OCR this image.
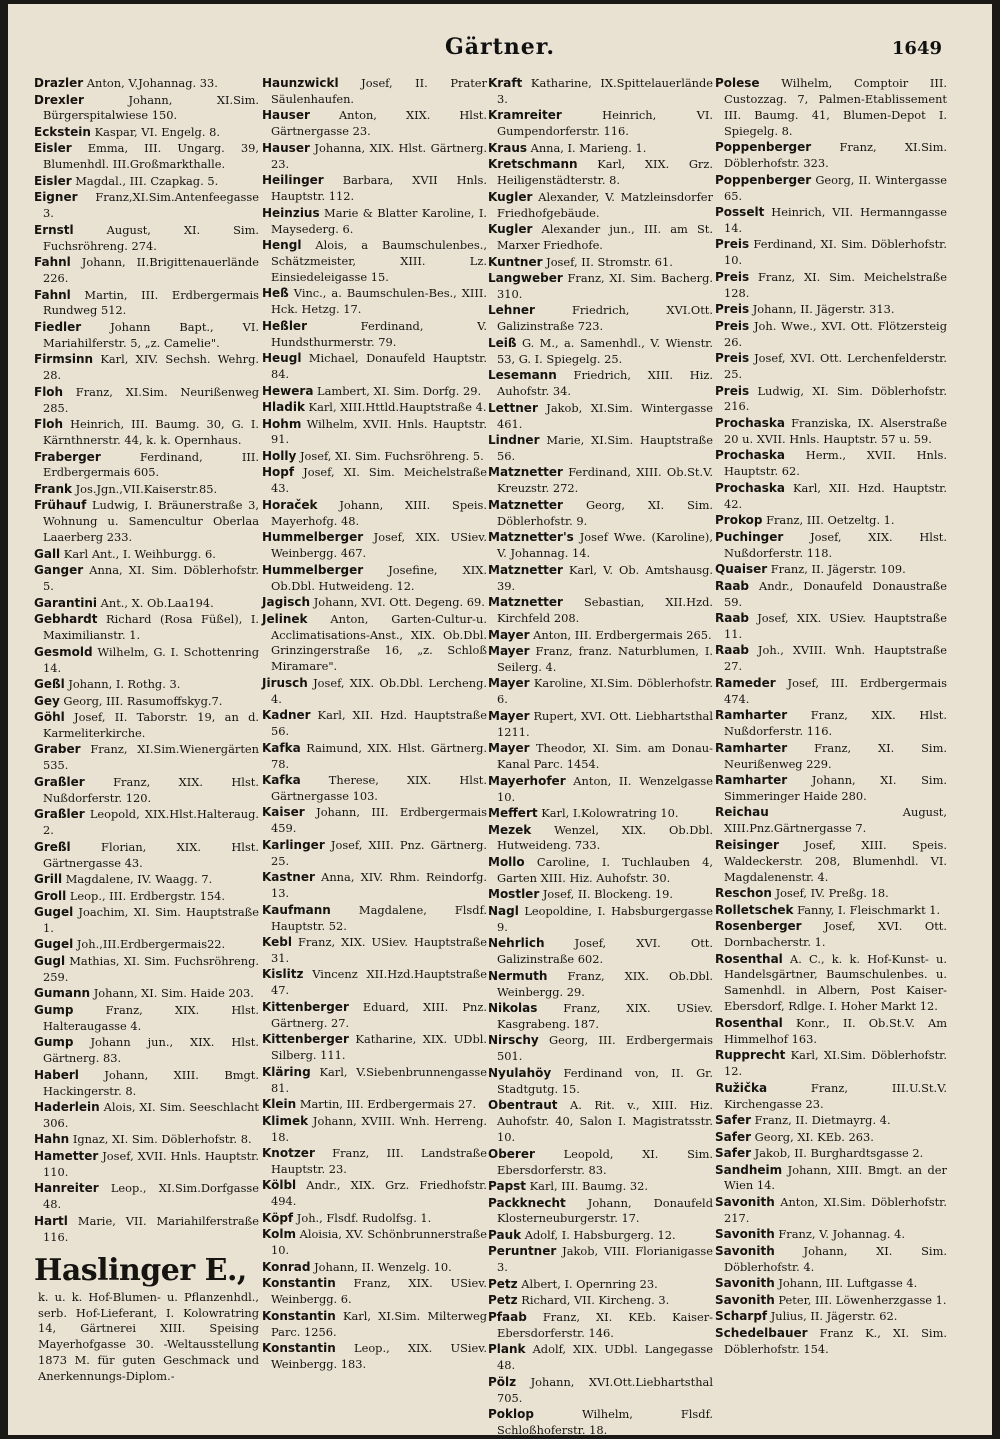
Gärtner.	1649
Drazler Anton, V.Johannag. 33.
Drexler Johann, XI.Sim. Bürgerspitalwiese 150.
Eckstein Kaspar, VI. Engelg. 8.
Eisler Emma, III. Ungarg. 39, Blumenhdl. III.Großmarkthalle.
Eisler Magdal., III. Czapkag. 5.
Eigner Franz,XI.Sim.Antenfeegasse 3.
Ernstl August, XI. Sim. Fuchsröhreng. 274.
Fahnl Johann, II.Brigittenauerlände 226.
Fahnl Martin, III. Erdbergermais Rundweg 512.
Fiedler Johann Bapt., VI. Mariahilferstr. 5, „z. Camelie".
Firmsinn Karl, XIV. Sechsh. Wehrg. 28.
Floh Franz, XI.Sim. Neurißenweg 285.
Floh Heinrich, III. Baumg. 30, G. I. Kärnthnerstr. 44, k. k. Opernhaus.
Fraberger Ferdinand, III. Erdbergermais 605.
Frank Jos.Jgn.,VII.Kaiserstr.85.
Frühauf Ludwig, I. Bräunerstraße 3, Wohnung u. Samencultur Oberlaa Laaerberg 233.
Gall Karl Ant., I. Weihburgg. 6.
Ganger Anna, XI. Sim. Döblerhofstr. 5.
Garantini Ant., X. Ob.Laa194.
Gebhardt Richard (Rosa Füßel), I. Maximilianstr. 1.
Gesmold Wilhelm, G. I. Schottenring 14.
Geßl Johann, I. Rothg. 3.
Gey Georg, III. Rasumoffskyg.7.
Göhl Josef, II. Taborstr. 19, an d. Karmeliterkirche.
Graber Franz, XI.Sim.Wienergärten 535.
Graßler Franz, XIX. Hlst. Nußdorferstr. 120.
Graßler Leopold, XIX.Hlst.Halteraug. 2.
Greßl Florian, XIX. Hlst. Gärtnergasse 43.
Grill Magdalene, IV. Waagg. 7.
Groll Leop., III. Erdbergstr. 154.
Gugel Joachim, XI. Sim. Hauptstraße 1.
Gugel Joh.,III.Erdbergermais22.
Gugl Mathias, XI. Sim. Fuchsröhreng. 259.
Gumann Johann, XI. Sim. Haide 203.
Gump Franz, XIX. Hlst. Halteraugasse 4.
Gump Johann jun., XIX. Hlst. Gärtnerg. 83.
Haberl Johann, XIII. Bmgt. Hackingerstr. 8.
Haderlein Alois, XI. Sim. Seeschlacht 306.
Hahn Ignaz, XI. Sim. Döblerhofstr. 8.
Hametter Josef, XVII. Hnls. Hauptstr. 110.
Hanreiter Leop., XI.Sim.Dorfgasse 48.
Hartl Marie, VII. Mariahilferstraße 116.
Haslinger E.,
k. u. k. Hof-Blumen- u. Pflanzenhdl., serb. Hof-Lieferant, I. Kolowratring 14, Gärtnerei XIII. Speising Mayerhofgasse 30. -Weltausstellung 1873 M. für guten Geschmack und Anerkennungs-Diplom.-
Haunzwickl Josef, II. Prater Säulenhaufen.
Hauser Anton, XIX. Hlst. Gärtnergasse 23.
Hauser Johanna, XIX. Hlst. Gärtnerg. 23.
Heilinger Barbara, XVII Hnls. Hauptstr. 112.
Heinzius Marie & Blatter Karoline, I. Maysederg. 6.
Hengl Alois, a Baumschulenbes., Schätzmeister, XIII. Lz. Einsiedeleigasse 15.
Heß Vinc., a. Baumschulen-Bes., XIII. Hck. Hetzg. 17.
Heßler Ferdinand, V. Hundsthurmerstr. 79.
Heugl Michael, Donaufeld Hauptstr. 84.
Hewera Lambert, XI. Sim. Dorfg. 29.
Hladik Karl, XIII.Httld.Hauptstraße 4.
Hohm Wilhelm, XVII. Hnls. Hauptstr. 91.
Holly Josef, XI. Sim. Fuchsröhreng. 5.
Hopf Josef, XI. Sim. Meichelstraße 43.
Horaček Johann, XIII. Speis. Mayerhofg. 48.
Hummelberger Josef, XIX. USiev. Weinbergg. 467.
Hummelberger Josefine, XIX. Ob.Dbl. Hutweideng. 12.
Jagisch Johann, XVI. Ott. Degeng. 69.
Jelinek Anton, Garten-Cultur-u. Acclimatisations-Anst., XIX. Ob.Dbl. Grinzingerstraße 16, „z. Schloß Miramare".
Jirusch Josef, XIX. Ob.Dbl. Lercheng. 4.
Kadner Karl, XII. Hzd. Hauptstraße 56.
Kafka Raimund, XIX. Hlst. Gärtnerg. 78.
Kafka Therese, XIX. Hlst. Gärtnergasse 103.
Kaiser Johann, III. Erdbergermais 459.
Karlinger Josef, XIII. Pnz. Gärtnerg. 25.
Kastner Anna, XIV. Rhm. Reindorfg. 13.
Kaufmann Magdalene, Flsdf. Hauptstr. 52.
Kebl Franz, XIX. USiev. Hauptstraße 31.
Kislitz Vincenz XII.Hzd.Hauptstraße 47.
Kittenberger Eduard, XIII. Pnz. Gärtnerg. 27.
Kittenberger Katharine, XIX. UDbl. Silberg. 111.
Kläring Karl, V.Siebenbrunnengasse 81.
Klein Martin, III. Erdbergermais 27.
Klimek Johann, XVIII. Wnh. Herreng. 18.
Knotzer Franz, III. Landstraße Hauptstr. 23.
Kölbl Andr., XIX. Grz. Friedhofstr. 494.
Köpf Joh., Flsdf. Rudolfsg. 1.
Kolm Aloisia, XV. Schönbrunnerstraße 10.
Konrad Johann, II. Wenzelg. 10.
Konstantin Franz, XIX. USiev. Weinbergg. 6.
Konstantin Karl, XI.Sim. Milterweg Parc. 1256.
Konstantin Leop., XIX. USiev. Weinbergg. 183.
Kraft Katharine, IX.Spittelauerlände 3.
Kramreiter Heinrich, VI. Gumpendorferstr. 116.
Kraus Anna, I. Marieng. 1.
Kretschmann Karl, XIX. Grz. Heiligenstädterstr. 8.
Kugler Alexander, V. Matzleinsdorfer Friedhofgebäude.
Kugler Alexander jun., III. am St. Marxer Friedhofe.
Kuntner Josef, II. Stromstr. 61.
Langweber Franz, XI. Sim. Bacherg. 310.
Lehner Friedrich, XVI.Ott. Galizinstraße 723.
Leiß G. M., a. Samenhdl., V. Wienstr. 53, G. I. Spiegelg. 25.
Lesemann Friedrich, XIII. Hiz. Auhofstr. 34.
Lettner Jakob, XI.Sim. Wintergasse 461.
Lindner Marie, XI.Sim. Hauptstraße 56.
Matznetter Ferdinand, XIII. Ob.St.V. Kreuzstr. 272.
Matznetter Georg, XI. Sim. Döblerhofstr. 9.
Matznetter's Josef Wwe. (Karoline), V. Johannag. 14.
Matznetter Karl, V. Ob. Amtshausg. 39.
Matznetter Sebastian, XII.Hzd. Kirchfeld 208.
Mayer Anton, III. Erdbergermais 265.
Mayer Franz, franz. Naturblumen, I. Seilerg. 4.
Mayer Karoline, XI.Sim. Döblerhofstr. 6.
Mayer Rupert, XVI. Ott. Liebhartsthal 1211.
Mayer Theodor, XI. Sim. am Donau-Kanal Parc. 1454.
Mayerhofer Anton, II. Wenzelgasse 10.
Meffert Karl, I.Kolowratring 10.
Mezek Wenzel, XIX. Ob.Dbl. Hutweideng. 733.
Mollo Caroline, I. Tuchlauben 4, Garten XIII. Hiz. Auhofstr. 30.
Mostler Josef, II. Blockeng. 19.
Nagl Leopoldine, I. Habsburgergasse 9.
Nehrlich Josef, XVI. Ott. Galizinstraße 602.
Nermuth Franz, XIX. Ob.Dbl. Weinbergg. 29.
Nikolas Franz, XIX. USiev. Kasgrabeng. 187.
Nirschy Georg, III. Erdbergermais 501.
Nyulahöy Ferdinand von, II. Gr. Stadtgutg. 15.
Obentraut A. Rit. v., XIII. Hiz. Auhofstr. 40, Salon I. Magistratsstr. 10.
Oberer Leopold, XI. Sim. Ebersdorferstr. 83.
Papst Karl, III. Baumg. 32.
Packknecht Johann, Donaufeld Klosterneuburgerstr. 17.
Pauk Adolf, I. Habsburgerg. 12.
Peruntner Jakob, VIII. Florianigasse 3.
Petz Albert, I. Opernring 23.
Petz Richard, VII. Kircheng. 3.
Pfaab Franz, XI. KEb. Kaiser-Ebersdorferstr. 146.
Plank Adolf, XIX. UDbl. Langegasse 48.
Pölz Johann, XVI.Ott.Liebhartsthal 705.
Poklop Wilhelm, Flsdf. Schloßhoferstr. 18.
Polese Wilhelm, Comptoir III. Custozzag. 7, Palmen-Etablissement III. Baumg. 41, Blumen-Depot I. Spiegelg. 8.
Poppenberger Franz, XI.Sim. Döblerhofstr. 323.
Poppenberger Georg, II. Wintergasse 65.
Posselt Heinrich, VII. Hermanngasse 14.
Preis Ferdinand, XI. Sim. Döblerhofstr. 10.
Preis Franz, XI. Sim. Meichelstraße 128.
Preis Johann, II. Jägerstr. 313.
Preis Joh. Wwe., XVI. Ott. Flötzersteig 26.
Preis Josef, XVI. Ott. Lerchenfelderstr. 25.
Preis Ludwig, XI. Sim. Döblerhofstr. 216.
Prochaska Franziska, IX. Alserstraße 20 u. XVII. Hnls. Hauptstr. 57 u. 59.
Prochaska Herm., XVII. Hnls. Hauptstr. 62.
Prochaska Karl, XII. Hzd. Hauptstr. 42.
Prokop Franz, III. Oetzeltg. 1.
Puchinger Josef, XIX. Hlst. Nußdorferstr. 118.
Quaiser Franz, II. Jägerstr. 109.
Raab Andr., Donaufeld Donaustraße 59.
Raab Josef, XIX. USiev. Hauptstraße 11.
Raab Joh., XVIII. Wnh. Hauptstraße 27.
Rameder Josef, III. Erdbergermais 474.
Ramharter Franz, XIX. Hlst. Nußdorferstr. 116.
Ramharter Franz, XI. Sim. Neurißenweg 229.
Ramharter Johann, XI. Sim. Simmeringer Haide 280.
Reichau August, XIII.Pnz.Gärtnergasse 7.
Reisinger Josef, XIII. Speis. Waldeckerstr. 208, Blumenhdl. VI. Magdalenenstr. 4.
Reschon Josef, IV. Preßg. 18.
Rolletschek Fanny, I. Fleischmarkt 1.
Rosenberger Josef, XVI. Ott. Dornbacherstr. 1.
Rosenthal A. C., k. k. Hof-Kunst- u. Handelsgärtner, Baumschulenbes. u. Samenhdl. in Albern, Post Kaiser-Ebersdorf, Rdlge. I. Hoher Markt 12.
Rosenthal Konr., II. Ob.St.V. Am Himmelhof 163.
Rupprecht Karl, XI.Sim. Döblerhofstr. 12.
Ružička Franz, III.U.St.V. Kirchengasse 23.
Safer Franz, II. Dietmayrg. 4.
Safer Georg, XI. KEb. 263.
Safer Jakob, II. Burghardtsgasse 2.
Sandheim Johann, XIII. Bmgt. an der Wien 14.
Savonith Anton, XI.Sim. Döblerhofstr. 217.
Savonith Franz, V. Johannag. 4.
Savonith Johann, XI. Sim. Döblerhofstr. 4.
Savonith Johann, III. Luftgasse 4.
Savonith Peter, III. Löwenherzgasse 1.
Scharpf Julius, II. Jägerstr. 62.
Schedelbauer Franz K., XI. Sim. Döblerhofstr. 154.
